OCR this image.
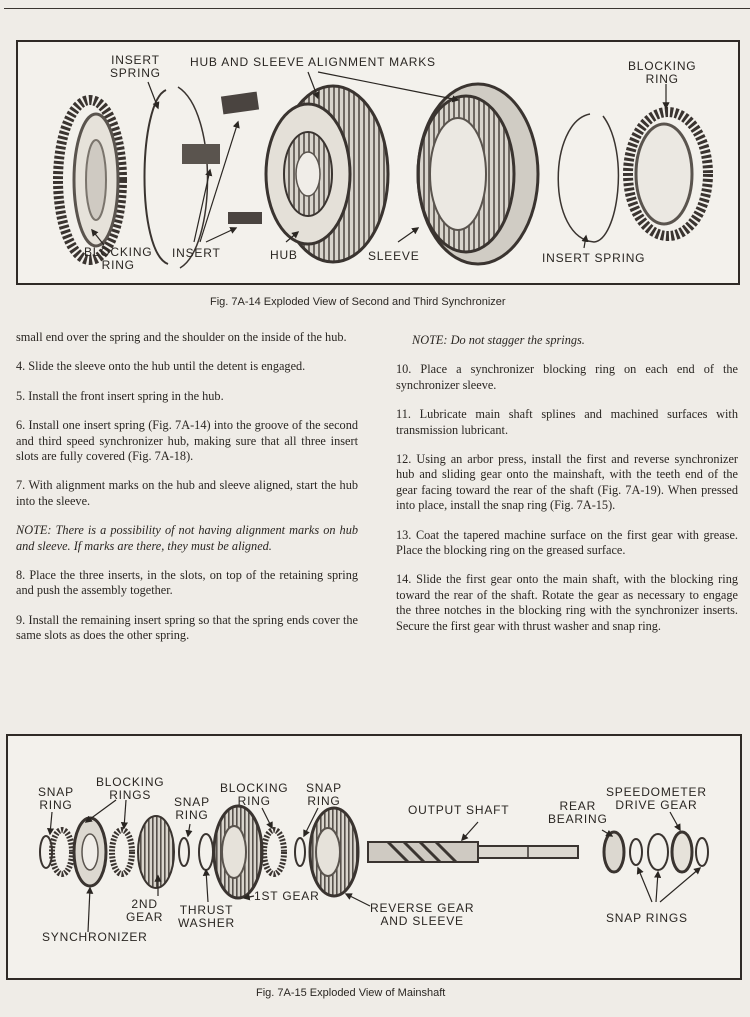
INSERT
SPRING
HUB AND SLEEVE ALIGNMENT MARKS	BLOCKING
RING
BLOCKING
RING
INSERT	HUB	SLEEVE	INSERT SPRING
Fig. 7A-14 Exploded View of Second and Third Synchronizer

small end over the spring and the shoulder on the inside of the hub.

4. Slide the sleeve onto the hub until the detent is engaged.

5. Install the front insert spring in the hub.

6. Install one insert spring (Fig. 7A-14) into the groove of the second and third speed synchronizer hub, making sure that all three insert slots are fully covered (Fig. 7A-18).

7. With alignment marks on the hub and sleeve aligned, start the hub into the sleeve.

NOTE: There is a possibility of not having alignment marks on hub and sleeve. If marks are there, they must be aligned.

8. Place the three inserts, in the slots, on top of the retaining spring and push the assembly together.

9. Install the remaining insert spring so that the spring ends cover the same slots as does the other spring.

NOTE: Do not stagger the springs.

10. Place a synchronizer blocking ring on each end of the synchronizer sleeve.

11. Lubricate main shaft splines and machined surfaces with transmission lubricant.

12. Using an arbor press, install the first and reverse synchronizer hub and sliding gear onto the mainshaft, with the teeth end of the gear facing toward the rear of the shaft (Fig. 7A-19). When pressed into place, install the snap ring (Fig. 7A-15).

13. Coat the tapered machine surface on the first gear with grease. Place the blocking ring on the greased surface.

14. Slide the first gear onto the main shaft, with the blocking ring toward the rear of the shaft. Rotate the gear as necessary to engage the three notches in the blocking ring with the synchronizer inserts. Secure the first gear with thrust washer and snap ring.

SNAP
RING
BLOCKING
RINGS	SNAP
RING
BLOCKING
RING
SNAP
RING
OUTPUT SHAFT	REAR
BEARING
SPEEDOMETER
DRIVE GEAR
2ND
GEAR THRUST
WASHER
1ST GEAR
REVERSE GEAR
AND SLEEVE
SYNCHRONIZER
SNAP RINGS
Fig. 7A-15 Exploded View of Mainshaft
